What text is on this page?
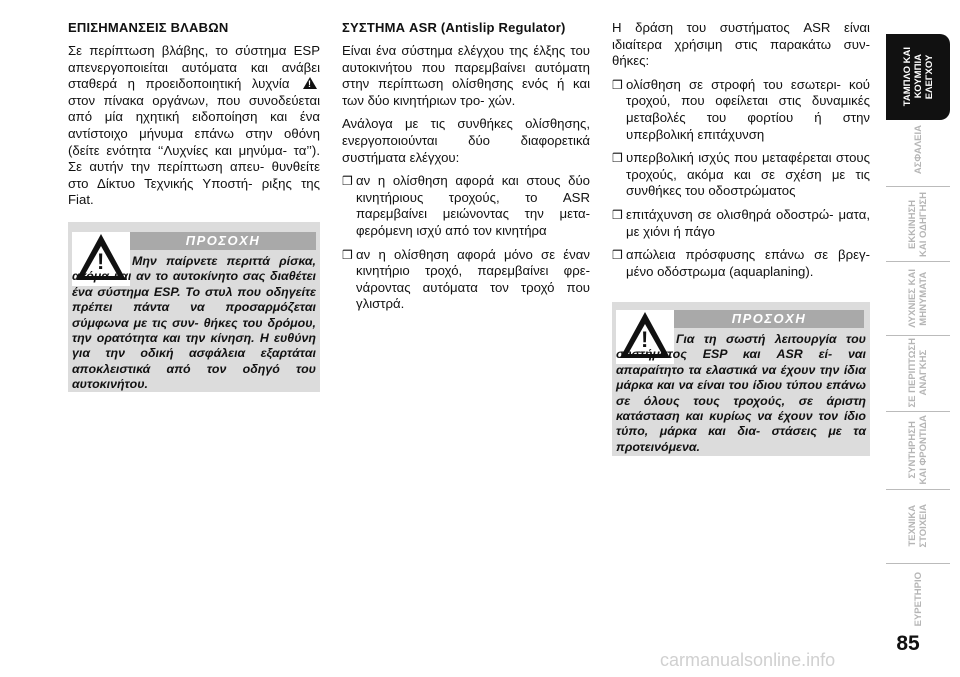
ΕΠΙΣΗΜΑΝΣΕΙΣ ΒΛΑΒΩΝ

Σε περίπτωση βλάβης, το σύστημα ESP απενεργοποιείται αυτόματα και ανάβει σταθερά η προειδοποιητική λυχνία ! στον πίνακα οργάνων, που συνοδεύεται από μία ηχητική ειδοποίηση και ένα αντίστοιχο μήνυμα επάνω στην οθόνη (δείτε ενότητα ‘‘Λυχνίες και μηνύμα- τα’’). Σε αυτήν την περίπτωση απευ- θυνθείτε στο Δίκτυο Τεχνικής Υποστή- ριξης της Fiat.

ΠΡΟΣΟΧΗ
!	Μην παίρνετε περιττά ρίσκα, ακόμα και αν το αυτοκίνητο σας διαθέτει ένα σύστημα ESP. Το στυλ που οδηγείτε πρέπει πάντα να προσαρμόζεται σύμφωνα με τις συν- θήκες του δρόμου, την ορατότητα και την κίνηση. Η ευθύνη για την οδική ασφάλεια εξαρτάται αποκλειστικά από τον οδηγό του αυτοκινήτου.
ΣΥΣΤΗΜΑ ASR (Antislip Regulator)

Είναι ένα σύστημα ελέγχου της έλξης του αυτοκινήτου που παρεμβαίνει αυτόματη στην περίπτωση ολίσθησης ενός ή και των δύο κινητήριων τρο- χών.

Ανάλογα με τις συνθήκες ολίσθησης, ενεργοποιούνται δύο διαφορετικά συστήματα ελέγχου:

❒ αν η ολίσθηση αφορά και στους δύο κινητήριους τροχούς, το ASR παρεμβαίνει μειώνοντας την μετα- φερόμενη ισχύ από τον κινητήρα
❒ αν η ολίσθηση αφορά μόνο σε έναν κινητήριο τροχό, παρεμβαίνει φρε- νάροντας αυτόματα τον τροχό που γλιστρά.

Η δράση του συστήματος ASR είναι ιδιαίτερα χρήσιμη στις παρακάτω συν- θήκες:

❒ ολίσθηση σε στροφή του εσωτερι- κού τροχού, που οφείλεται στις δυναμικές μεταβολές του φορτίου ή στην υπερβολική επιτάχυνση
❒ υπερβολική ισχύς που μεταφέρεται στους τροχούς, ακόμα και σε σχέση με τις συνθήκες του οδοστρώματος
❒ επιτάχυνση σε ολισθηρά οδοστρώ- ματα, με χιόνι ή πάγο
❒ απώλεια πρόσφυσης επάνω σε βρεγ- μένο οδόστρωμα (aquaplaning).
ΠΡΟΣΟΧΗ
!	Για τη σωστή λειτουργία του συστήματος ESP και ASR εί- ναι απαραίτητο τα ελαστικά να έχουν την ίδια μάρκα και να είναι του ίδιου τύπου επάνω σε όλους τους τροχούς, σε άριστη κατάσταση και κυρίως να έχουν τον ίδιο τύπο, μάρκα και δια- στάσεις με τα προτεινόμενα.
ΤΑΜΠΛΟ ΚΑΙ
ΚΟΥΜΠΙΑ
ΕΛΕΓΧΟΥ
ΑΣΦΑΛΕΙΑ
ΕΚΚΙΝΗΣΗ
ΚΑΙ ΟΔΗΓΗΣΗ
ΛΥΧΝΙΕΣ ΚΑΙ
ΜΗΝΥΜΑΤΑ
ΣΕ ΠΕΡΙΠΤΩΣΗ
ΑΝΑΓΚΗΣ
ΣΥΝΤΗΡΗΣΗ
ΚΑΙ ΦΡΟΝΤΙΔΑ
ΤΕΧΝΙΚΑ
ΣΤΟΙΧΕΙΑ
ΕΥΡΕΤΗΡΙΟ
85
carmanualsonline.info
